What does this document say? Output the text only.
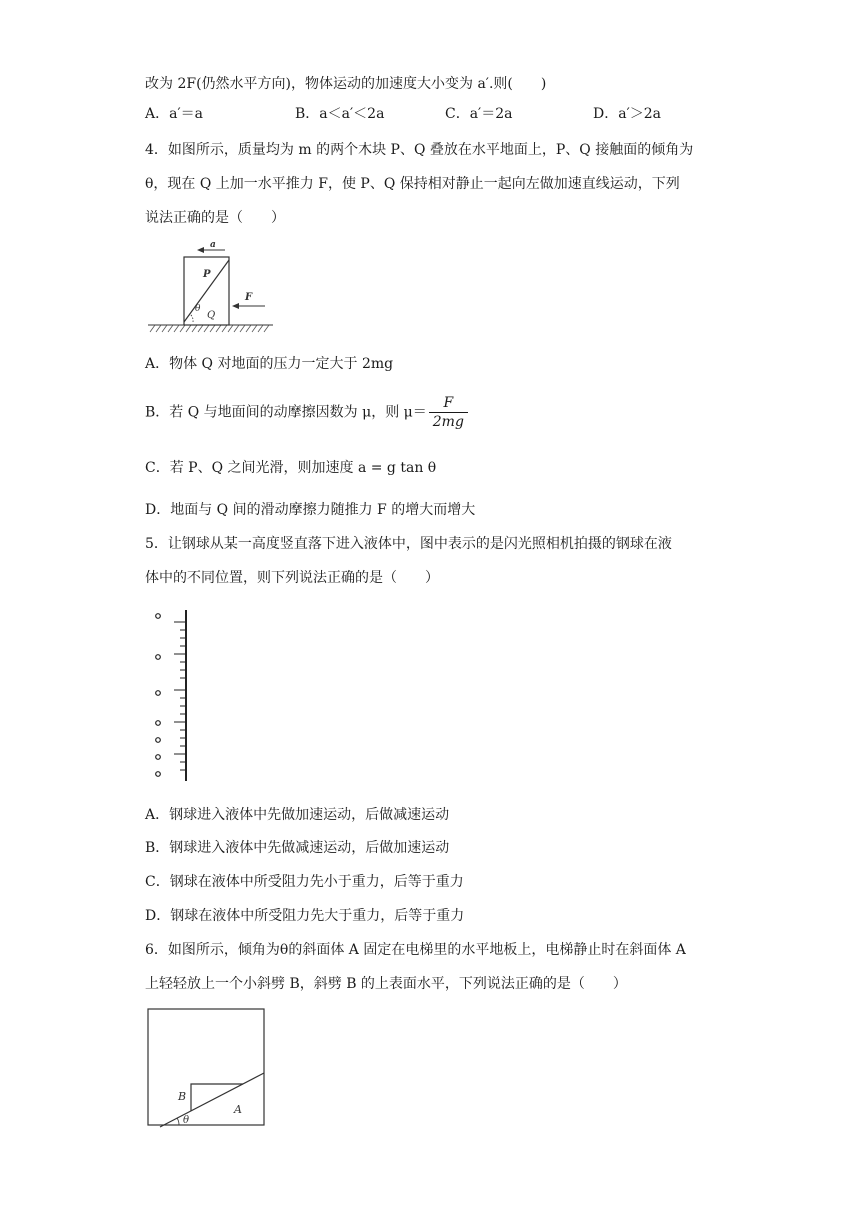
改为 2F(仍然水平方向)，物体运动的加速度大小变为 a′.则(　　)
A．a′＝a	B．a＜a′＜2a	C．a′＝2a	D．a′＞2a
4．如图所示，质量均为 m 的两个木块 P、Q 叠放在水平地面上，P、Q 接触面的倾角为
θ，现在 Q 上加一水平推力 F，使 P、Q 保持相对静止一起向左做加速直线运动，下列
说法正确的是（　　）
a
P
θ
Q
F
A．物体 Q 对地面的压力一定大于 2mg
B．若 Q 与地面间的动摩擦因数为 μ，则 $\mu= \frac{F}{2mg}$
C．若 P、Q 之间光滑，则加速度 a = g tan θ
D．地面与 Q 间的滑动摩擦力随推力 F 的增大而增大
5．让钢球从某一高度竖直落下进入液体中，图中表示的是闪光照相机拍摄的钢球在液
体中的不同位置，则下列说法正确的是（　　）
A．钢球进入液体中先做加速运动，后做减速运动
B．钢球进入液体中先做减速运动，后做加速运动
C．钢球在液体中所受阻力先小于重力，后等于重力
D．钢球在液体中所受阻力先大于重力，后等于重力
6．如图所示，倾角为θ的斜面体 A 固定在电梯里的水平地板上，电梯静止时在斜面体 A
上轻轻放上一个小斜劈 B，斜劈 B 的上表面水平，下列说法正确的是（　　）
B
A
θ
